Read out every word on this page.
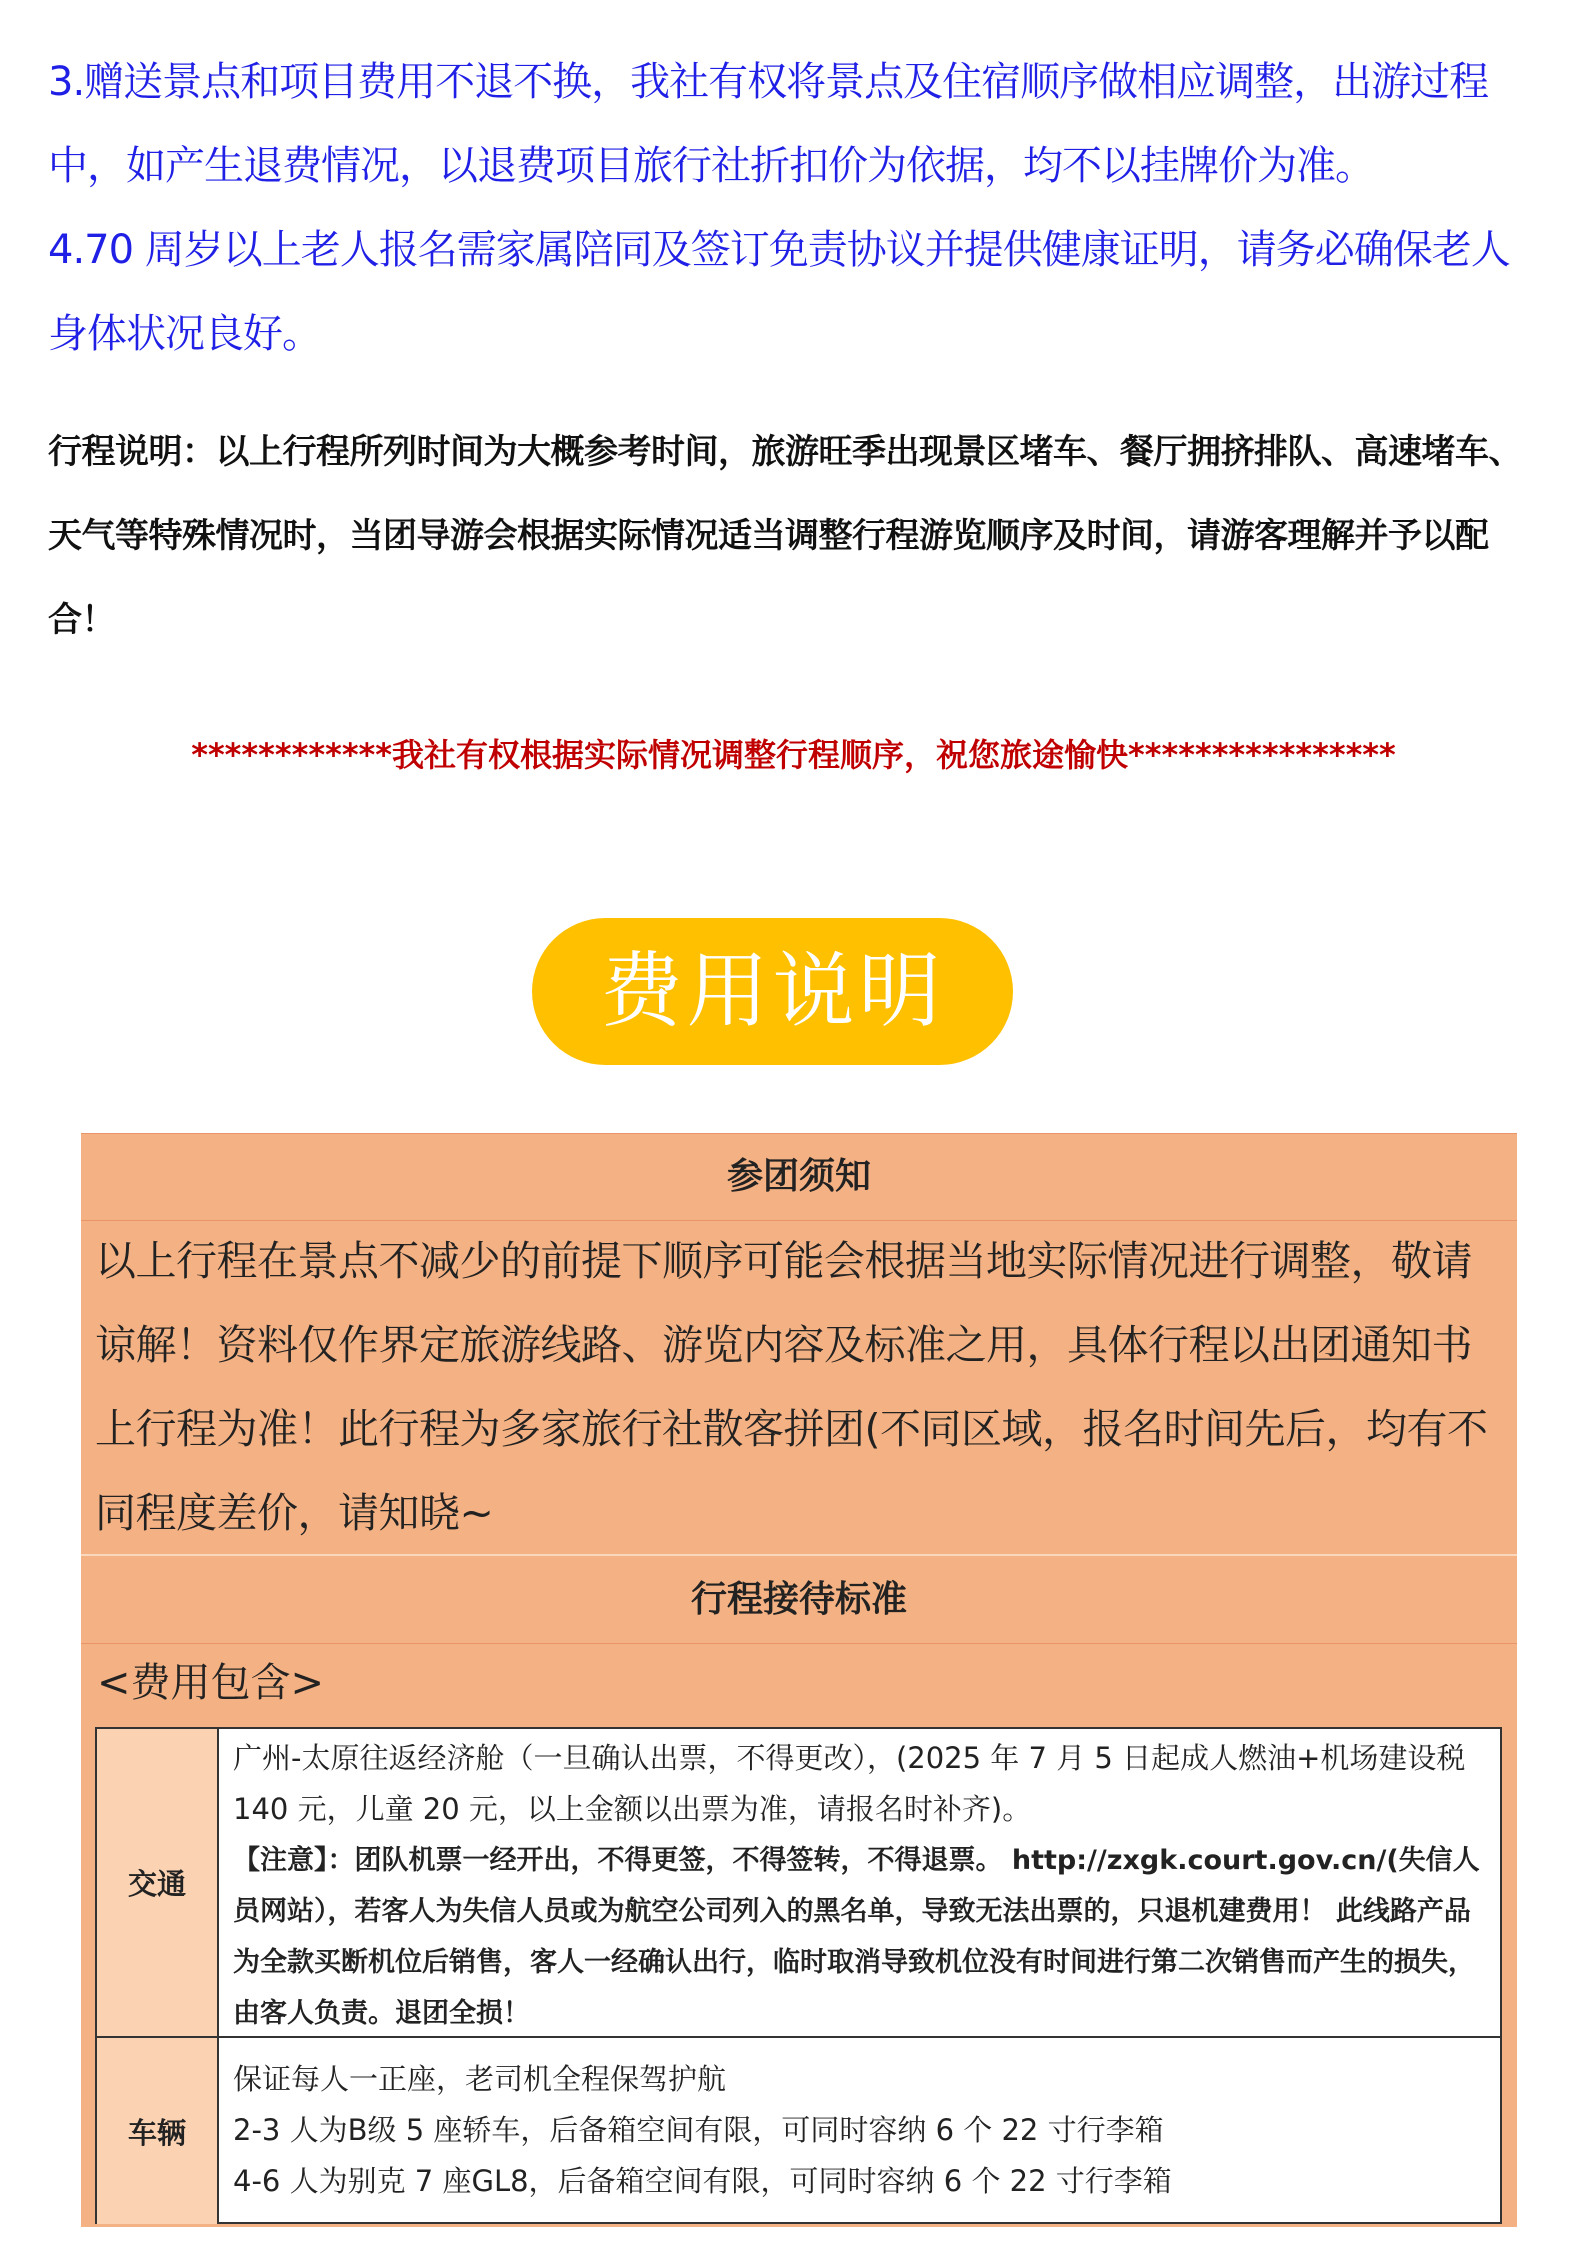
3.赠送景点和项目费用不退不换，我社有权将景点及住宿顺序做相应调整，出游过程中，如产生退费情况，以退费项目旅行社折扣价为依据，均不以挂牌价为准。
4.70 周岁以上老人报名需家属陪同及签订免责协议并提供健康证明，请务必确保老人身体状况良好。
行程说明：以上行程所列时间为大概参考时间，旅游旺季出现景区堵车、餐厅拥挤排队、高速堵车、天气等特殊情况时，当团导游会根据实际情况适当调整行程游览顺序及时间，请游客理解并予以配合！
************我社有权根据实际情况调整行程顺序，祝您旅途愉快****************
费用说明
参团须知
以上行程在景点不减少的前提下顺序可能会根据当地实际情况进行调整，敬请谅解！资料仅作界定旅游线路、游览内容及标准之用，具体行程以出团通知书上行程为准！此行程为多家旅行社散客拼团(不同区域，报名时间先后，均有不同程度差价，请知晓~
行程接待标准
<费用包含>
交通
广州-太原往返经济舱（一旦确认出票，不得更改），(2025 年 7 月 5 日起成人燃油+机场建设税 140 元，儿童 20 元，以上金额以出票为准，请报名时补齐)。
【注意】：团队机票一经开出，不得更签，不得签转，不得退票。 http://zxgk.court.gov.cn/(失信人员网站），若客人为失信人员或为航空公司列入的黑名单，导致无法出票的，只退机建费用！ 此线路产品为全款买断机位后销售，客人一经确认出行，临时取消导致机位没有时间进行第二次销售而产生的损失，由客人负责。退团全损！
车辆
保证每人一正座，老司机全程保驾护航
2-3 人为B级 5 座轿车，后备箱空间有限，可同时容纳 6 个 22 寸行李箱
4-6 人为别克 7 座GL8，后备箱空间有限，可同时容纳 6 个 22 寸行李箱
